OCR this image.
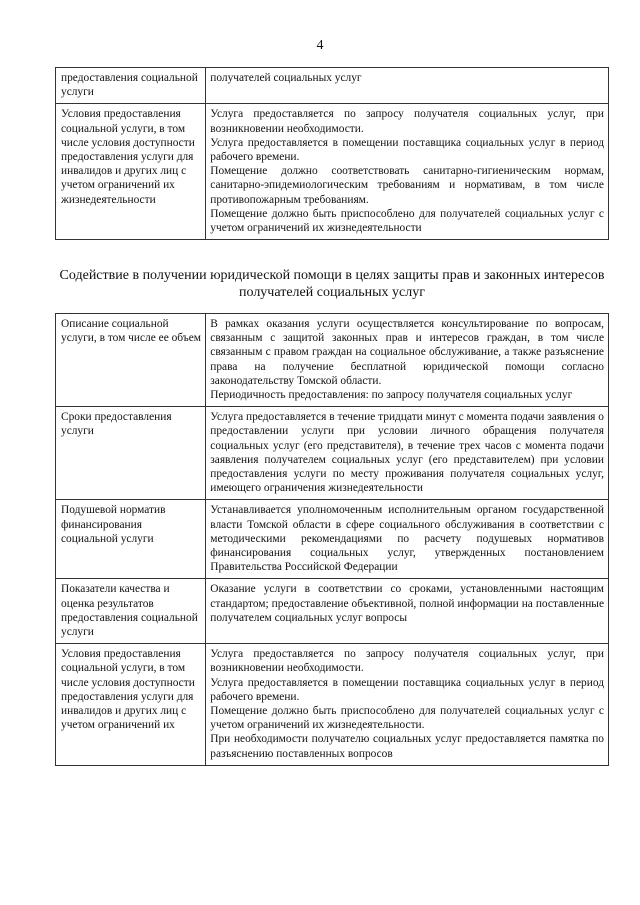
4

предоставления социальной услуги	получателей социальных услуг

Условия предоставления социальной услуги, в том числе условия доступности предоставления услуги для инвалидов и других лиц с учетом ограничений их жизнедеятельности	Услуга предоставляется по запросу получателя социальных услуг, при возникновении необходимости.

Услуга предоставляется в помещении поставщика социальных услуг в период рабочего времени.

Помещение должно соответствовать санитарно-гигиеническим нормам, санитарно-эпидемиологическим требованиям и нормативам, в том числе противопожарным требованиям.

Помещение должно быть приспособлено для получателей социальных услуг с учетом ограничений их жизнедеятельности

Содействие в получении юридической помощи в целях защиты прав и законных интересов получателей социальных услуг

Описание социальной услуги, в том числе ее объем	В рамках оказания услуги осуществляется консультирование по вопросам, связанным с защитой законных прав и интересов граждан, в том числе связанным с правом граждан на социальное обслуживание, а также разъяснение права на получение бесплатной юридической помощи согласно законодательству Томской области.

Периодичность предоставления: по запросу получателя социальных услуг

Сроки предоставления услуги	Услуга предоставляется в течение тридцати минут с момента подачи заявления о предоставлении услуги при условии личного обращения получателя социальных услуг (его представителя), в течение трех часов с момента подачи заявления получателем социальных услуг (его представителем) при условии предоставления услуги по месту проживания получателя социальных услуг, имеющего ограничения жизнедеятельности

Подушевой норматив финансирования социальной услуги	Устанавливается уполномоченным исполнительным органом государственной власти Томской области в сфере социального обслуживания в соответствии с методическими рекомендациями по расчету подушевых нормативов финансирования социальных услуг, утвержденных постановлением Правительства Российской Федерации

Показатели качества и оценка результатов предоставления социальной услуги	Оказание услуги в соответствии со сроками, установленными настоящим стандартом; предоставление объективной, полной информации на поставленные получателем социальных услуг вопросы

Условия предоставления социальной услуги, в том числе условия доступности предоставления услуги для инвалидов и других лиц с учетом ограничений их	Услуга предоставляется по запросу получателя социальных услуг, при возникновении необходимости.

Услуга предоставляется в помещении поставщика социальных услуг в период рабочего времени.

Помещение должно быть приспособлено для получателей социальных услуг с учетом ограничений их жизнедеятельности.

При необходимости получателю социальных услуг предоставляется памятка по разъяснению поставленных вопросов
